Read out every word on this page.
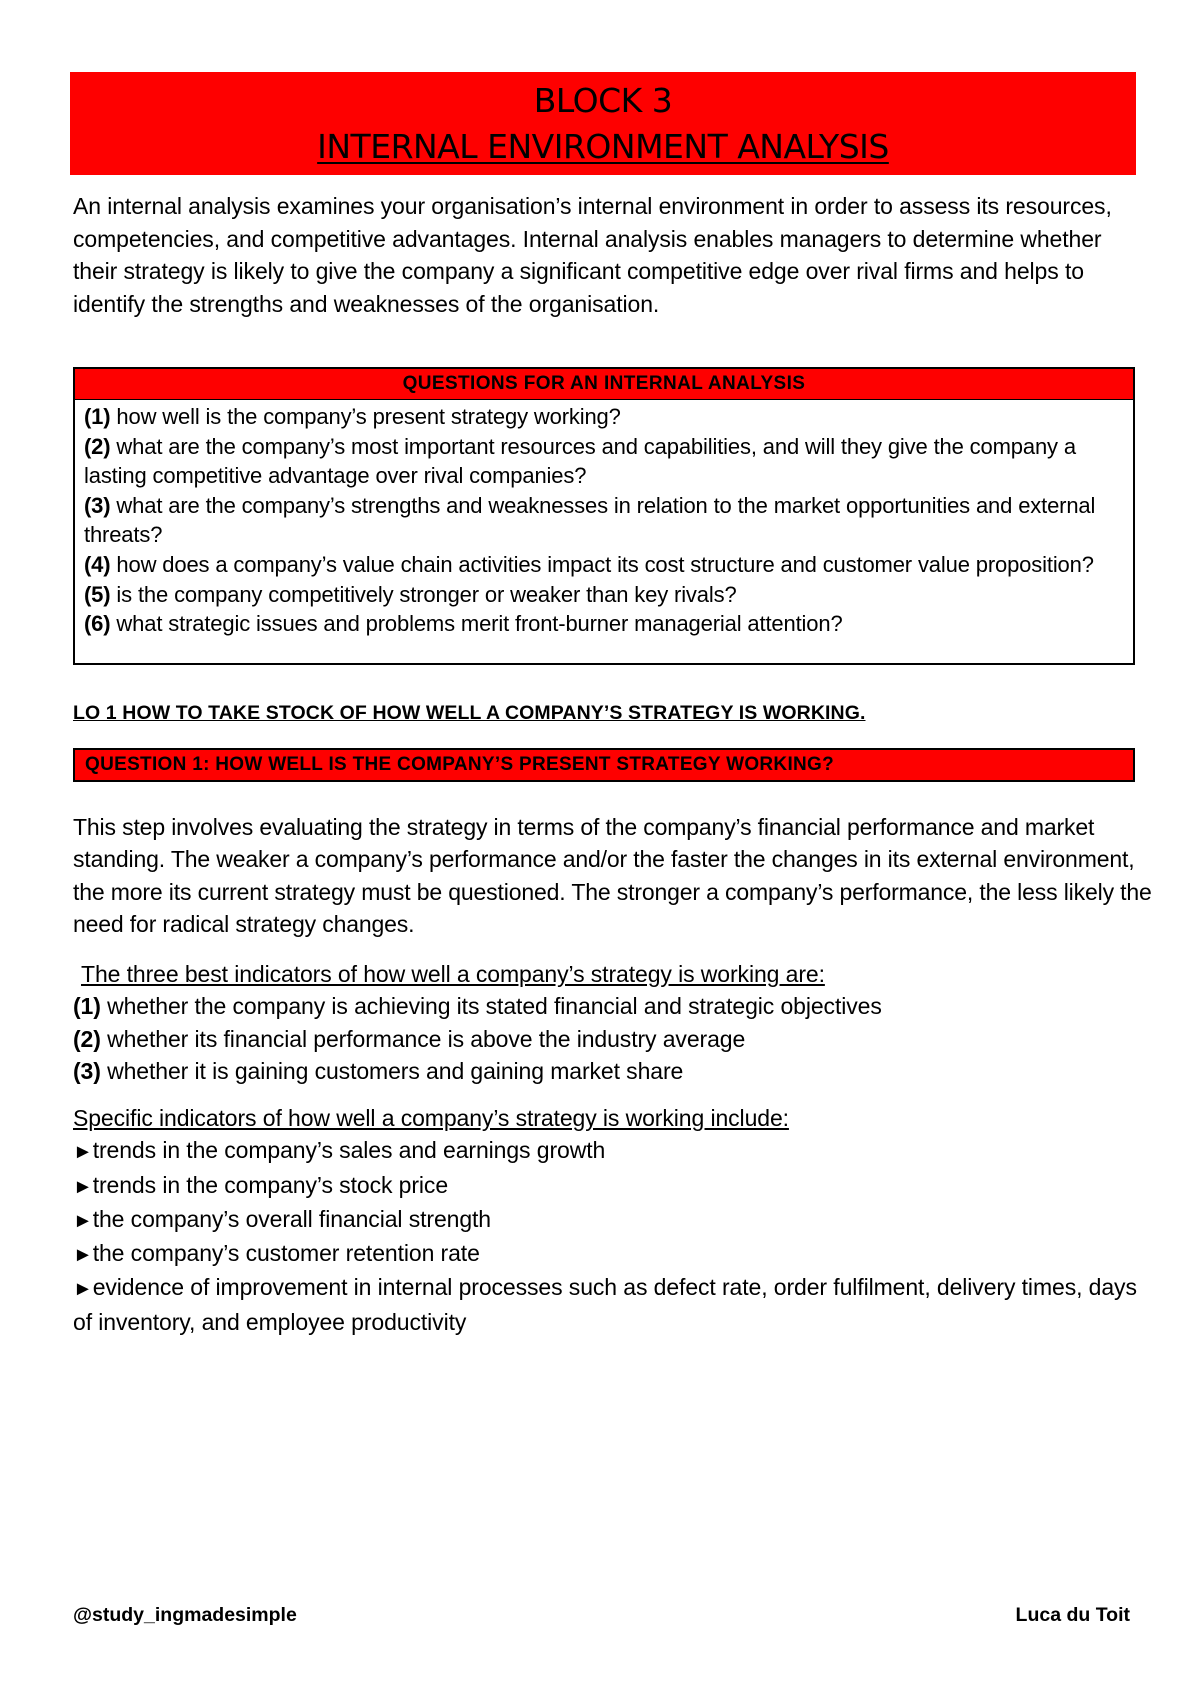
BLOCK 3
INTERNAL ENVIRONMENT ANALYSIS

An internal analysis examines your organisation’s internal environment in order to assess its resources, competencies, and competitive advantages. Internal analysis enables managers to determine whether their strategy is likely to give the company a significant competitive edge over rival firms and helps to identify the strengths and weaknesses of the organisation.

QUESTIONS FOR AN INTERNAL ANALYSIS
(1) how well is the company’s present strategy working?
(2) what are the company’s most important resources and capabilities, and will they give the company a lasting competitive advantage over rival companies?
(3) what are the company’s strengths and weaknesses in relation to the market opportunities and external threats?
(4) how does a company’s value chain activities impact its cost structure and customer value proposition?
(5) is the company competitively stronger or weaker than key rivals?
(6) what strategic issues and problems merit front-burner managerial attention?
LO 1 HOW TO TAKE STOCK OF HOW WELL A COMPANY’S STRATEGY IS WORKING.
QUESTION 1: HOW WELL IS THE COMPANY’S PRESENT STRATEGY WORKING?

This step involves evaluating the strategy in terms of the company’s financial performance and market standing. The weaker a company’s performance and/or the faster the changes in its external environment, the more its current strategy must be questioned. The stronger a company’s performance, the less likely the need for radical strategy changes.

The three best indicators of how well a company’s strategy is working are:
(1) whether the company is achieving its stated financial and strategic objectives
(2) whether its financial performance is above the industry average
(3) whether it is gaining customers and gaining market share
Specific indicators of how well a company’s strategy is working include:
►trends in the company’s sales and earnings growth
►trends in the company’s stock price
►the company’s overall financial strength
►the company’s customer retention rate
►evidence of improvement in internal processes such as defect rate, order fulfilment, delivery times, days of inventory, and employee productivity
@study_ingmadesimple	Luca du Toit
